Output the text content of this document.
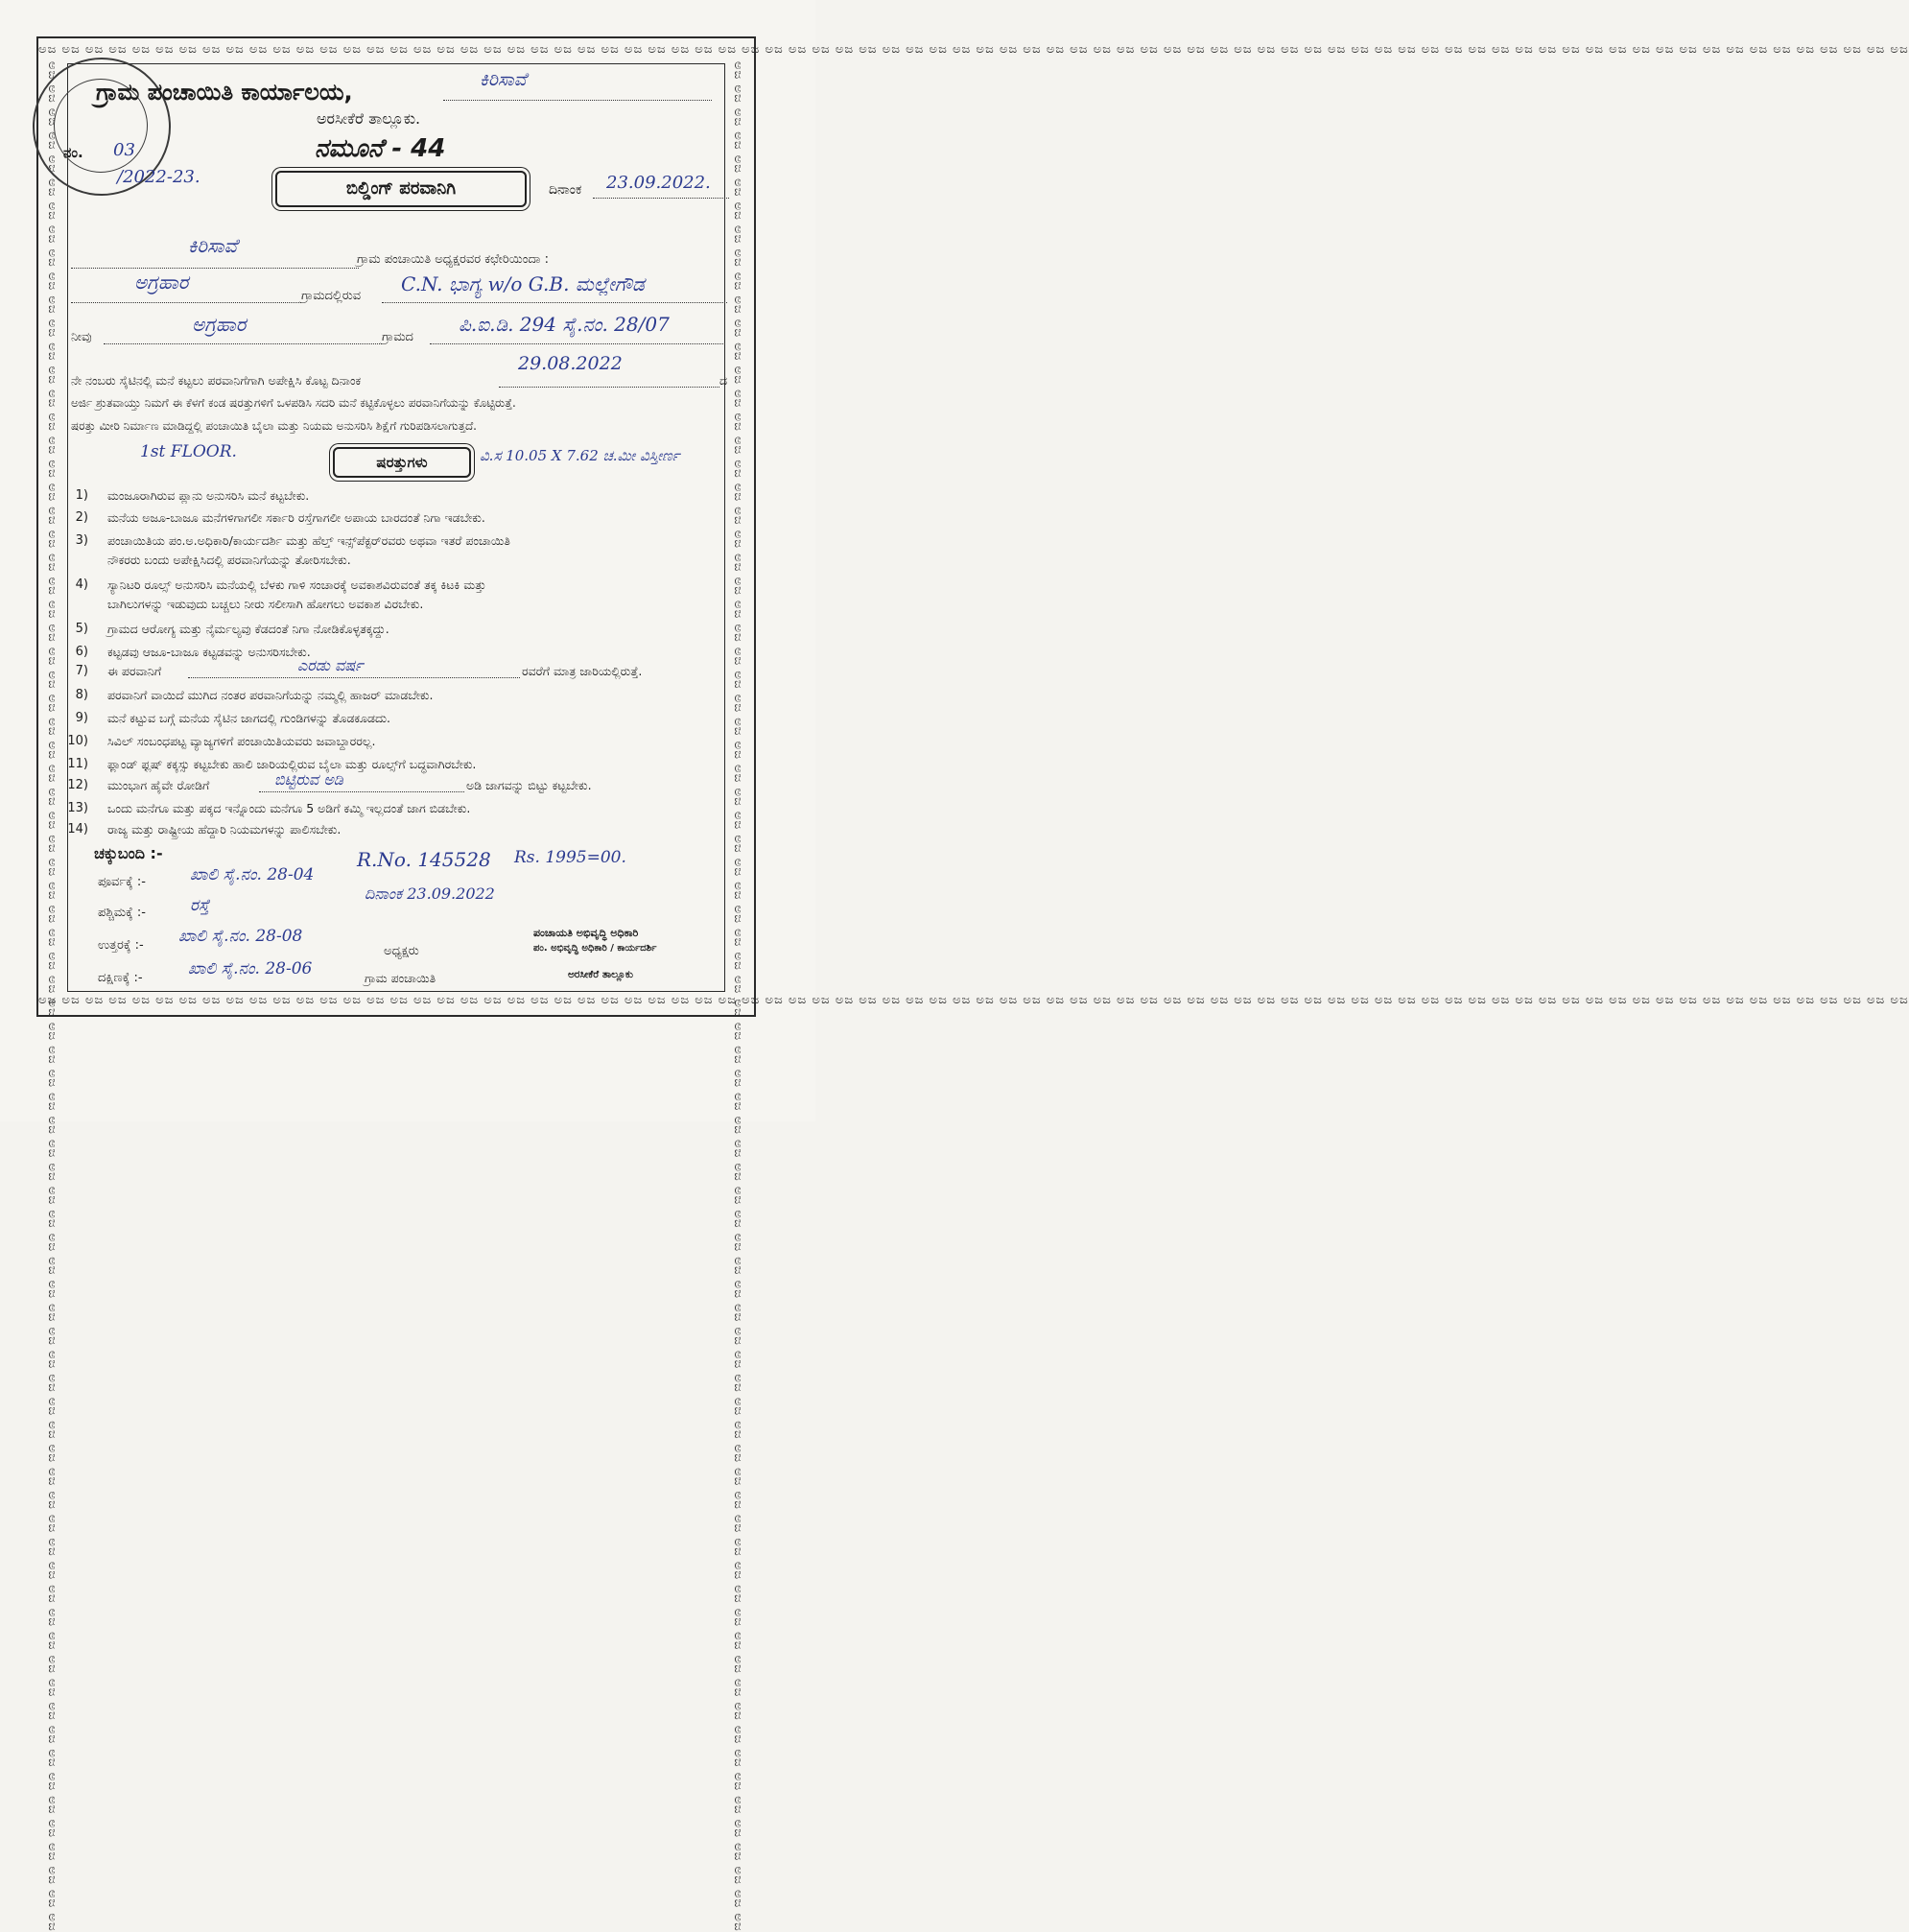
ಅಜ ಅಜ ಅಜ ಅಜ ಅಜ ಅಜ ಅಜ ಅಜ ಅಜ ಅಜ ಅಜ ಅಜ ಅಜ ಅಜ ಅಜ ಅಜ ಅಜ ಅಜ ಅಜ ಅಜ ಅಜ ಅಜ ಅಜ ಅಜ ಅಜ ಅಜ ಅಜ ಅಜ ಅಜ ಅಜ ಅಜ ಅಜ ಅಜ ಅಜ ಅಜ ಅಜ ಅಜ ಅಜ ಅಜ ಅಜ ಅಜ ಅಜ ಅಜ ಅಜ ಅಜ ಅಜ ಅಜ ಅಜ ಅಜ ಅಜ ಅಜ ಅಜ ಅಜ ಅಜ ಅಜ ಅಜ ಅಜ ಅಜ ಅಜ ಅಜ ಅಜ ಅಜ ಅಜ ಅಜ ಅಜ ಅಜ ಅಜ ಅಜ ಅಜ ಅಜ ಅಜ ಅಜ ಅಜ ಅಜ ಅಜ ಅಜ ಅಜ ಅಜ ಅಜ ಅಜ
ಅಜ ಅಜ ಅಜ ಅಜ ಅಜ ಅಜ ಅಜ ಅಜ ಅಜ ಅಜ ಅಜ ಅಜ ಅಜ ಅಜ ಅಜ ಅಜ ಅಜ ಅಜ ಅಜ ಅಜ ಅಜ ಅಜ ಅಜ ಅಜ ಅಜ ಅಜ ಅಜ ಅಜ ಅಜ ಅಜ ಅಜ ಅಜ ಅಜ ಅಜ ಅಜ ಅಜ ಅಜ ಅಜ ಅಜ ಅಜ ಅಜ ಅಜ ಅಜ ಅಜ ಅಜ ಅಜ ಅಜ ಅಜ ಅಜ ಅಜ ಅಜ ಅಜ ಅಜ ಅಜ ಅಜ ಅಜ ಅಜ ಅಜ ಅಜ ಅಜ ಅಜ ಅಜ ಅಜ ಅಜ ಅಜ ಅಜ ಅಜ ಅಜ ಅಜ ಅಜ ಅಜ ಅಜ ಅಜ ಅಜ ಅಜ ಅಜ ಅಜ ಅಜ ಅಜ ಅಜ
ಅಜ ಅಜ ಅಜ ಅಜ ಅಜ ಅಜ ಅಜ ಅಜ ಅಜ ಅಜ ಅಜ ಅಜ ಅಜ ಅಜ ಅಜ ಅಜ ಅಜ ಅಜ ಅಜ ಅಜ ಅಜ ಅಜ ಅಜ ಅಜ ಅಜ ಅಜ ಅಜ ಅಜ ಅಜ ಅಜ ಅಜ ಅಜ ಅಜ ಅಜ ಅಜ ಅಜ ಅಜ ಅಜ ಅಜ ಅಜ ಅಜ ಅಜ ಅಜ ಅಜ ಅಜ ಅಜ ಅಜ ಅಜ ಅಜ ಅಜ ಅಜ ಅಜ ಅಜ ಅಜ ಅಜ ಅಜ ಅಜ ಅಜ ಅಜ ಅಜ ಅಜ ಅಜ ಅಜ ಅಜ ಅಜ ಅಜ ಅಜ ಅಜ ಅಜ ಅಜ ಅಜ ಅಜ ಅಜ ಅಜ ಅಜ ಅಜ ಅಜ ಅಜ ಅಜ ಅಜ	ಅಜ ಅಜ ಅಜ ಅಜ ಅಜ ಅಜ ಅಜ ಅಜ ಅಜ ಅಜ ಅಜ ಅಜ ಅಜ ಅಜ ಅಜ ಅಜ ಅಜ ಅಜ ಅಜ ಅಜ ಅಜ ಅಜ ಅಜ ಅಜ ಅಜ ಅಜ ಅಜ ಅಜ ಅಜ ಅಜ ಅಜ ಅಜ ಅಜ ಅಜ ಅಜ ಅಜ ಅಜ ಅಜ ಅಜ ಅಜ ಅಜ ಅಜ ಅಜ ಅಜ ಅಜ ಅಜ ಅಜ ಅಜ ಅಜ ಅಜ ಅಜ ಅಜ ಅಜ ಅಜ ಅಜ ಅಜ ಅಜ ಅಜ ಅಜ ಅಜ ಅಜ ಅಜ ಅಜ ಅಜ ಅಜ ಅಜ ಅಜ ಅಜ ಅಜ ಅಜ ಅಜ ಅಜ ಅಜ ಅಜ ಅಜ ಅಜ ಅಜ ಅಜ ಅಜ ಅಜ
ನಂ. 03
/2022-23.
ಗ್ರಾಮ ಪಂಚಾಯಿತಿ ಕಾರ್ಯಾಲಯ,	ಕಿರಿಸಾವೆ
ಅರಸೀಕೆರೆ ತಾಲ್ಲೂಕು.
ನಮೂನೆ - 44
ಬಿಲ್ಡಿಂಗ್ ಪರವಾನಿಗಿ	ದಿನಾಂಕ 23.09.2022.
ಕಿರಿಸಾವೆ
ಗ್ರಾಮ ಪಂಚಾಯಿತಿ ಅಧ್ಯಕ್ಷರವರ ಕಛೇರಿಯಿಂದಾ :
ಅಗ್ರಹಾರ
ಗ್ರಾಮದಲ್ಲಿರುವ
C.N. ಭಾಗ್ಯ w/o G.B. ಮಲ್ಲೇಗೌಡ
ನೀವು
ಅಗ್ರಹಾರ
ಗ್ರಾಮದ
ಪಿ.ಐ.ಡಿ. 294 ಸೈ.ನಂ. 28/07
ನೇ ನಂಬರು ಸೈಟಿನಲ್ಲಿ ಮನೆ ಕಟ್ಟಲು ಪರವಾನಿಗೆಗಾಗಿ ಅಪೇಕ್ಷಿಸಿ ಕೊಟ್ಟ ದಿನಾಂಕ
29.08.2022
ದ
ಅರ್ಜಿ ಶ್ರುತವಾಯ್ತು ನಿಮಗೆ ಈ ಕೆಳಗೆ ಕಂಡ ಷರತ್ತುಗಳಿಗೆ ಒಳಪಡಿಸಿ ಸದರಿ ಮನೆ ಕಟ್ಟಿಕೊಳ್ಳಲು ಪರವಾನಿಗೆಯನ್ನು ಕೊಟ್ಟಿರುತ್ತೆ.
ಷರತ್ತು ಮೀರಿ ನಿರ್ಮಾಣ ಮಾಡಿದ್ದಲ್ಲಿ ಪಂಚಾಯಿತಿ ಬೈಲಾ ಮತ್ತು ನಿಯಮ ಅನುಸರಿಸಿ ಶಿಕ್ಷೆಗೆ ಗುರಿಪಡಿಸಲಾಗುತ್ತದೆ.
1st FLOOR.
ಷರತ್ತುಗಳು	ವಿ.ಸ 10.05 X 7.62 ಚ.ಮೀ ವಿಸ್ತೀರ್ಣ
1) ಮಂಜೂರಾಗಿರುವ ಪ್ಲಾನು ಅನುಸರಿಸಿ ಮನೆ ಕಟ್ಟಬೇಕು.
2) ಮನೆಯ ಅಜೂ-ಬಾಜೂ ಮನೆಗಳಿಗಾಗಲೀ ಸರ್ಕಾರಿ ರಸ್ತೆಗಾಗಲೀ ಅಪಾಯ ಬಾರದಂತೆ ನಿಗಾ ಇಡಬೇಕು.
3) ಪಂಚಾಯಿತಿಯ ಪಂ.ಅ.ಅಧಿಕಾರಿ/ಕಾರ್ಯದರ್ಶಿ ಮತ್ತು ಹೆಲ್ತ್ ಇನ್ಸ್‌ಪೆಕ್ಟರ್‌ರವರು ಅಥವಾ ಇತರೆ ಪಂಚಾಯಿತಿ
ನೌಕರರು ಬಂದು ಅಪೇಕ್ಷಿಸಿದಲ್ಲಿ ಪರವಾನಿಗೆಯನ್ನು ತೋರಿಸಬೇಕು.
4) ಸ್ಯಾನಿಟರಿ ರೂಲ್ಸ್ ಅನುಸರಿಸಿ ಮನೆಯಲ್ಲಿ ಬೆಳಕು ಗಾಳಿ ಸಂಚಾರಕ್ಕೆ ಅವಕಾಶವಿರುವಂತೆ ತಕ್ಕ ಕಿಟಕಿ ಮತ್ತು
ಬಾಗಿಲುಗಳನ್ನು ಇಡುವುದು ಬಚ್ಚಲು ನೀರು ಸಲೀಸಾಗಿ ಹೋಗಲು ಅವಕಾಶ ವಿರಬೇಕು.
5) ಗ್ರಾಮದ ಆರೋಗ್ಯ ಮತ್ತು ನೈರ್ಮಲ್ಯವು ಕೆಡದಂತೆ ನಿಗಾ ನೋಡಿಕೊಳ್ಳತಕ್ಕದ್ದು.
6) ಕಟ್ಟಡವು ಆಜೂ-ಬಾಜೂ ಕಟ್ಟಡವನ್ನು ಅನುಸರಿಸಬೇಕು.
7) ಈ ಪರವಾನಿಗೆ	ಎರಡು ವರ್ಷ	ರವರೆಗೆ ಮಾತ್ರ ಜಾರಿಯಲ್ಲಿರುತ್ತೆ.
8) ಪರವಾನಿಗೆ ವಾಯಿದೆ ಮುಗಿದ ನಂತರ ಪರವಾನಿಗೆಯನ್ನು ನಮ್ಮಲ್ಲಿ ಹಾಜರ್ ಮಾಡಬೇಕು.
9) ಮನೆ ಕಟ್ಟುವ ಬಗ್ಗೆ ಮನೆಯ ಸೈಟಿನ ಜಾಗದಲ್ಲಿ ಗುಂಡಿಗಳನ್ನು ತೊಡಕೂಡದು.
10) ಸಿವಿಲ್ ಸಂಬಂಧಪಟ್ಟ ವ್ಯಾಜ್ಯಗಳಿಗೆ ಪಂಚಾಯಿತಿಯವರು ಜವಾಬ್ದಾರರಲ್ಲ.
11) ಫ್ಲಾಂಡ್ ಫ್ಲಷ್ ಕಕ್ಕಸ್ಸು ಕಟ್ಟಬೇಕು ಹಾಲಿ ಜಾರಿಯಲ್ಲಿರುವ ಬೈಲಾ ಮತ್ತು ರೂಲ್ಸ್‌ಗೆ ಬದ್ಧವಾಗಿರಬೇಕು.
12) ಮುಂಭಾಗ ಹೈವೇ ರೋಡಿಗೆ	ಬಿಟ್ಟಿರುವ ಅಡಿ	ಅಡಿ ಜಾಗವನ್ನು ಬಿಟ್ಟು ಕಟ್ಟಬೇಕು.
13) ಒಂದು ಮನೆಗೂ ಮತ್ತು ಪಕ್ಕದ ಇನ್ನೊಂದು ಮನೆಗೂ 5 ಅಡಿಗೆ ಕಮ್ಮಿ ಇಲ್ಲದಂತೆ ಜಾಗ ಬಿಡಬೇಕು.
14) ರಾಜ್ಯ ಮತ್ತು ರಾಷ್ಟ್ರೀಯ ಹೆದ್ದಾರಿ ನಿಯಮಗಳನ್ನು ಪಾಲಿಸಬೇಕು.
ಚಕ್ಕುಬಂದಿ :-
ಪೂರ್ವಕ್ಕೆ :-	ಖಾಲಿ ಸೈ.ನಂ. 28-04
ಪಶ್ಚಿಮಕ್ಕೆ :-	ರಸ್ತೆ
ಉತ್ತರಕ್ಕೆ :- ಖಾಲಿ ಸೈ.ನಂ. 28-08
ದಕ್ಷಿಣಕ್ಕೆ :-	ಖಾಲಿ ಸೈ.ನಂ. 28-06
R.No. 145528 Rs. 1995=00.
ದಿನಾಂಕ 23.09.2022
ಅಧ್ಯಕ್ಷರು
ಗ್ರಾಮ ಪಂಚಾಯಿತಿ
ಪಂಚಾಯತಿ ಅಭಿವೃದ್ಧಿ ಅಧಿಕಾರಿ
ಪಂ. ಅಭಿವೃದ್ಧಿ ಅಧಿಕಾರಿ / ಕಾರ್ಯದರ್ಶಿ
ಅರಸೀಕೆರೆ ತಾಲ್ಲೂಕು
